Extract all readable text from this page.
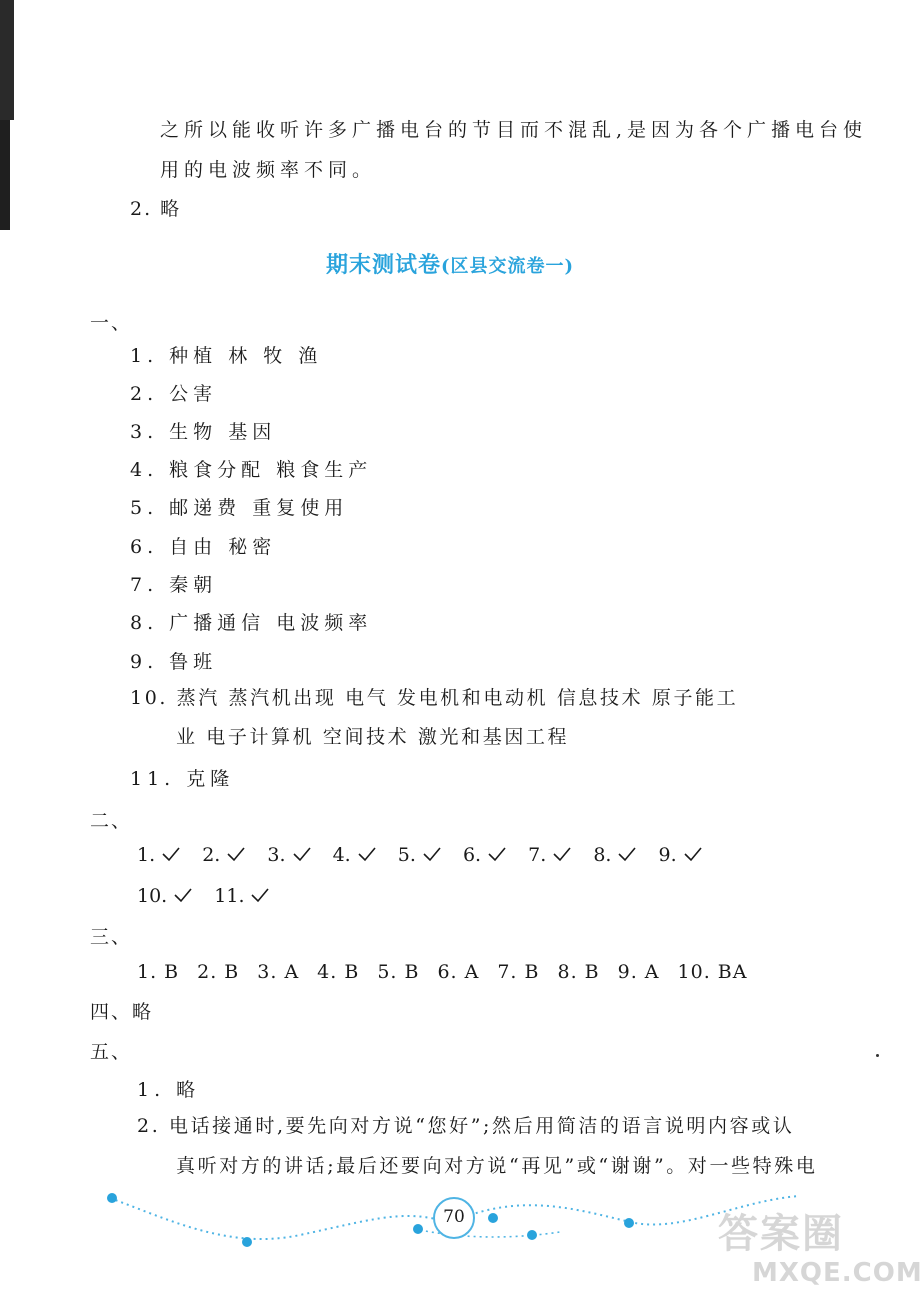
之所以能收听许多广播电台的节目而不混乱,是因为各个广播电台使
用的电波频率不同。
2. 略
期末测试卷(区县交流卷一)
一、
1. 种植 林 牧 渔
2. 公害
3. 生物 基因
4. 粮食分配 粮食生产
5. 邮递费 重复使用
6. 自由 秘密
7. 秦朝
8. 广播通信 电波频率
9. 鲁班
10. 蒸汽 蒸汽机出现 电气 发电机和电动机 信息技术 原子能工
业 电子计算机 空间技术 激光和基因工程
11. 克隆
二、
1. 2. 3. 4. 5. 6. 7. 8. 9.
10. 11.
三、
1. B 2. B 3. A 4. B 5. B 6. A 7. B 8. B 9. A 10. BA
四、略
五、
1. 略
2. 电话接通时,要先向对方说“您好”;然后用简洁的语言说明内容或认
真听对方的讲话;最后还要向对方说“再见”或“谢谢”。对一些特殊电
70	答案圈
MXQE.COM
